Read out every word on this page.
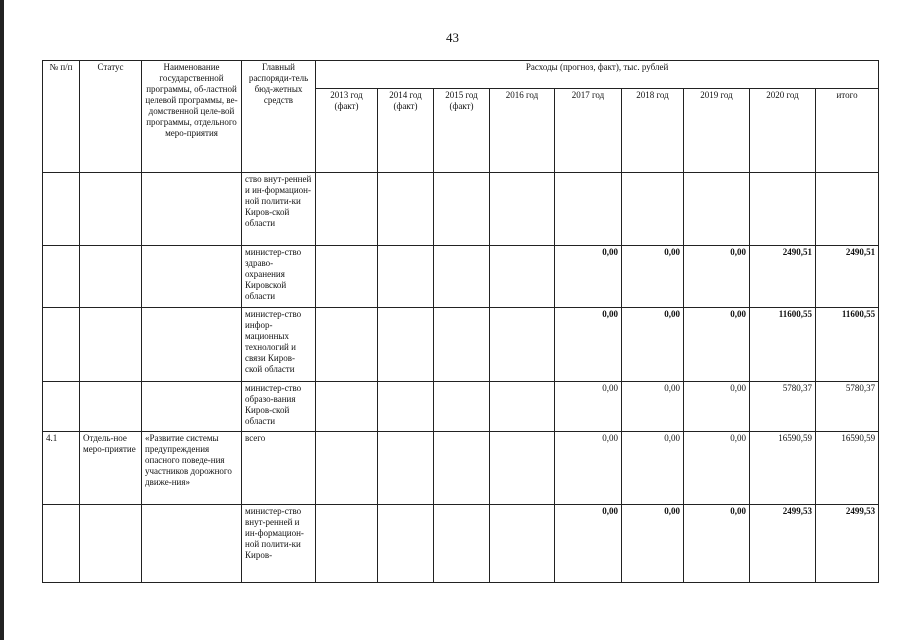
43
№ п/п	Статус	Наименование государственной программы, об-ластной целевой программы, ве-домственной целе-вой программы, отдельного меро-приятия	Главный распоряди-тель бюд-жетных средств	Расходы (прогноз, факт), тыс. рублей								
				2013 год (факт)	2014 год (факт)	2015 год (факт)	2016 год	2017 год	2018 год	2019 год	2020 год	итого
			ство внут-ренней и ин-формацион-ной полити-ки Киров-ской области									
			министер-ство здраво-охранения Кировской области					0,00	0,00	0,00	2490,51	2490,51
			министер-ство инфор-мационных технологий и связи Киров-ской области					0,00	0,00	0,00	11600,55	11600,55
			министер-ство образо-вания Киров-ской области					0,00	0,00	0,00	5780,37	5780,37
4.1	Отдель-ное меро-приятие	«Развитие системы предупреждения опасного поведе-ния участников дорожного движе-ния»	всего					0,00	0,00	0,00	16590,59	16590,59
			министер-ство внут-ренней и ин-формацион-ной полити-ки Киров-					0,00	0,00	0,00	2499,53	2499,53
